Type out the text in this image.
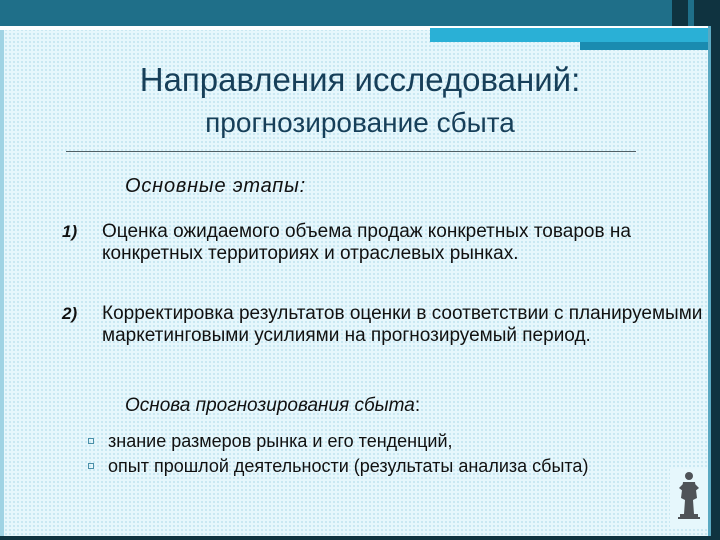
Направления исследований:
прогнозирование сбыта
Основные этапы:
1)	Оценка ожидаемого объема продаж конкретных товаров на конкретных территориях и отраслевых рынках.
2)	Корректировка результатов оценки в соответствии с планируемыми маркетинговыми усилиями на прогнозируемый период.
Основа прогнозирования сбыта:
знание размеров рынка и его тенденций,
опыт прошлой деятельности (результаты анализа сбыта)
